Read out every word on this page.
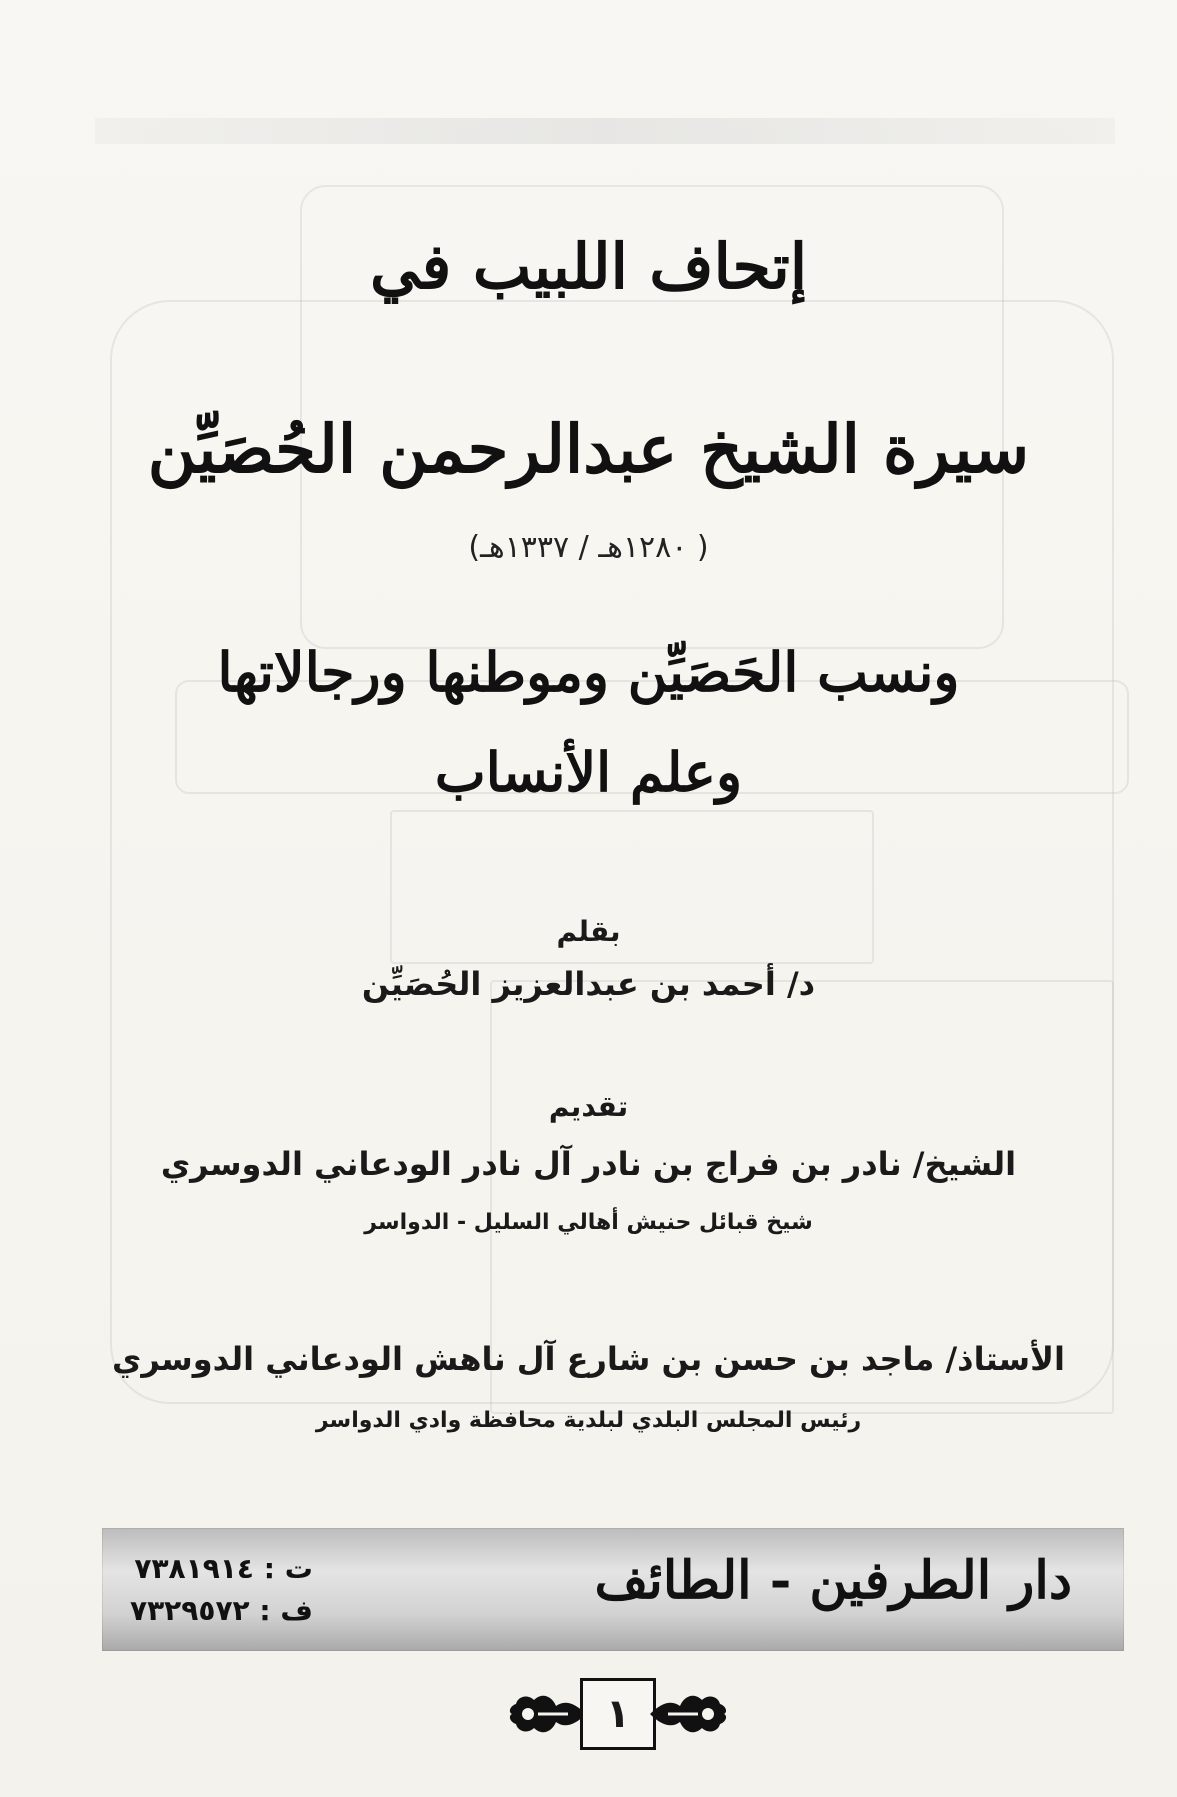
إتحاف اللبيب في
سيرة الشيخ عبدالرحمن الحُصَيِّن
( ١٢٨٠هـ / ١٣٣٧هـ)
ونسب الحَصَيِّن وموطنها ورجالاتها
وعلم الأنساب
بقلم
د/ أحمد بن عبدالعزيز الحُصَيِّن
تقديم
الشيخ/ نادر بن فراج بن نادر آل نادر الودعاني الدوسري
شيخ قبائل حنيش أهالي السليل - الدواسر
الأستاذ/ ماجد بن حسن بن شارع آل ناهش الودعاني الدوسري
رئيس المجلس البلدي لبلدية محافظة وادي الدواسر
دار الطرفين - الطائف
ت : ٧٣٨١٩١٤
ف : ٧٣٢٩٥٧٢
١
